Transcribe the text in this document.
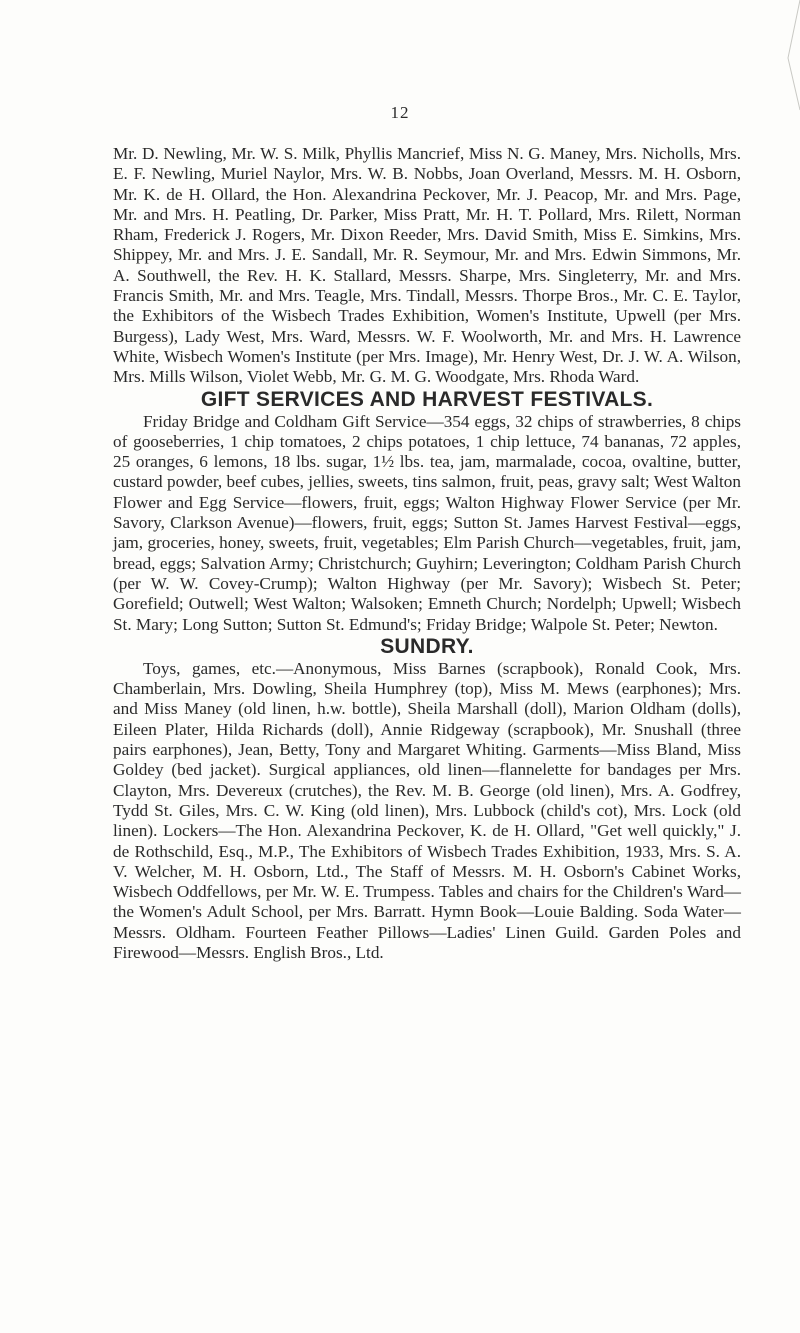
12

Mr. D. Newling, Mr. W. S. Milk, Phyllis Mancrief, Miss N. G. Maney, Mrs. Nicholls, Mrs. E. F. Newling, Muriel Naylor, Mrs. W. B. Nobbs, Joan Overland, Messrs. M. H. Osborn, Mr. K. de H. Ollard, the Hon. Alexandrina Peckover, Mr. J. Peacop, Mr. and Mrs. Page, Mr. and Mrs. H. Peatling, Dr. Parker, Miss Pratt, Mr. H. T. Pollard, Mrs. Rilett, Norman Rham, Frederick J. Rogers, Mr. Dixon Reeder, Mrs. David Smith, Miss E. Simkins, Mrs. Shippey, Mr. and Mrs. J. E. Sandall, Mr. R. Seymour, Mr. and Mrs. Edwin Simmons, Mr. A. Southwell, the Rev. H. K. Stallard, Messrs. Sharpe, Mrs. Singleterry, Mr. and Mrs. Francis Smith, Mr. and Mrs. Teagle, Mrs. Tindall, Messrs. Thorpe Bros., Mr. C. E. Taylor, the Exhibitors of the Wisbech Trades Exhibition, Women's Institute, Upwell (per Mrs. Burgess), Lady West, Mrs. Ward, Messrs. W. F. Woolworth, Mr. and Mrs. H. Lawrence White, Wisbech Women's Institute (per Mrs. Image), Mr. Henry West, Dr. J. W. A. Wilson, Mrs. Mills Wilson, Violet Webb, Mr. G. M. G. Woodgate, Mrs. Rhoda Ward.

GIFT SERVICES AND HARVEST FESTIVALS.

Friday Bridge and Coldham Gift Service—354 eggs, 32 chips of strawberries, 8 chips of gooseberries, 1 chip tomatoes, 2 chips potatoes, 1 chip lettuce, 74 bananas, 72 apples, 25 oranges, 6 lemons, 18 lbs. sugar, 1½ lbs. tea, jam, marmalade, cocoa, ovaltine, butter, custard powder, beef cubes, jellies, sweets, tins salmon, fruit, peas, gravy salt; West Walton Flower and Egg Service—flowers, fruit, eggs; Walton Highway Flower Service (per Mr. Savory, Clarkson Avenue)—flowers, fruit, eggs; Sutton St. James Harvest Festival—eggs, jam, groceries, honey, sweets, fruit, vegetables; Elm Parish Church—vegetables, fruit, jam, bread, eggs; Salvation Army; Christchurch; Guyhirn; Leverington; Coldham Parish Church (per W. W. Covey-Crump); Walton Highway (per Mr. Savory); Wisbech St. Peter; Gorefield; Outwell; West Walton; Walsoken; Emneth Church; Nordelph; Upwell; Wisbech St. Mary; Long Sutton; Sutton St. Edmund's; Friday Bridge; Walpole St. Peter; Newton.

SUNDRY.

Toys, games, etc.—Anonymous, Miss Barnes (scrapbook), Ronald Cook, Mrs. Chamberlain, Mrs. Dowling, Sheila Humphrey (top), Miss M. Mews (earphones); Mrs. and Miss Maney (old linen, h.w. bottle), Sheila Marshall (doll), Marion Oldham (dolls), Eileen Plater, Hilda Richards (doll), Annie Ridgeway (scrapbook), Mr. Snushall (three pairs earphones), Jean, Betty, Tony and Margaret Whiting. Garments—Miss Bland, Miss Goldey (bed jacket). Surgical appliances, old linen—flannelette for bandages per Mrs. Clayton, Mrs. Devereux (crutches), the Rev. M. B. George (old linen), Mrs. A. Godfrey, Tydd St. Giles, Mrs. C. W. King (old linen), Mrs. Lubbock (child's cot), Mrs. Lock (old linen). Lockers—The Hon. Alexandrina Peckover, K. de H. Ollard, "Get well quickly," J. de Rothschild, Esq., M.P., The Exhibitors of Wisbech Trades Exhibition, 1933, Mrs. S. A. V. Welcher, M. H. Osborn, Ltd., The Staff of Messrs. M. H. Osborn's Cabinet Works, Wisbech Oddfellows, per Mr. W. E. Trumpess. Tables and chairs for the Children's Ward—the Women's Adult School, per Mrs. Barratt. Hymn Book—Louie Balding. Soda Water—Messrs. Oldham. Fourteen Feather Pillows—Ladies' Linen Guild. Garden Poles and Firewood—Messrs. English Bros., Ltd.
